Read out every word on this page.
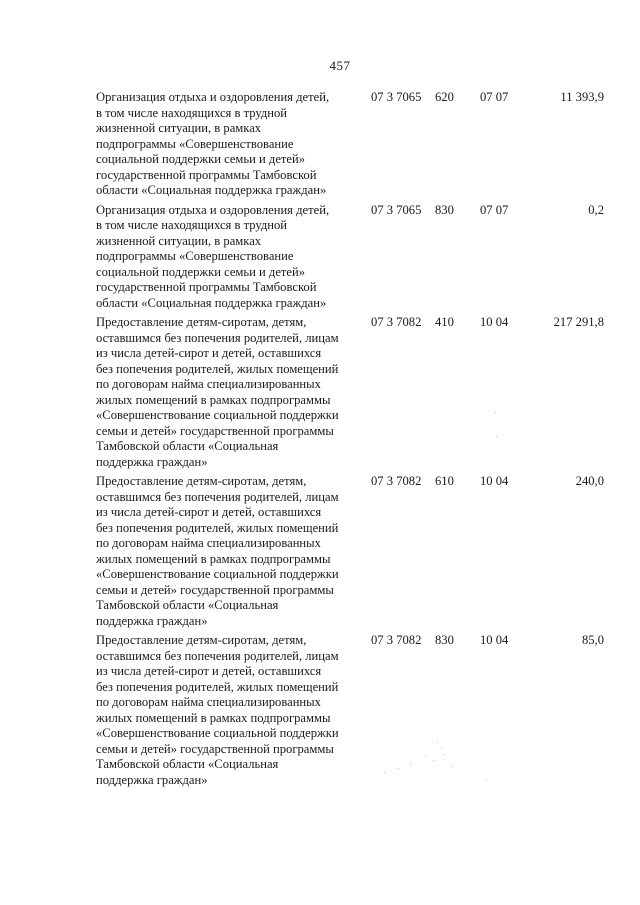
457
Организация отдыха и оздоровления детей,
в том числе находящихся в трудной
жизненной ситуации, в рамках
подпрограммы «Совершенствование
социальной поддержки семьи и детей»
государственной программы Тамбовской
области «Социальная поддержка граждан»
07 3 7065 620 07 07	11 393,9
Организация отдыха и оздоровления детей,
в том числе находящихся в трудной
жизненной ситуации, в рамках
подпрограммы «Совершенствование
социальной поддержки семьи и детей»
государственной программы Тамбовской
области «Социальная поддержка граждан»
07 3 7065 830 07 07	0,2
Предоставление детям-сиротам, детям,
оставшимся без попечения родителей, лицам
из числа детей-сирот и детей, оставшихся
без попечения родителей, жилых помещений
по договорам найма специализированных
жилых помещений в рамках подпрограммы
«Совершенствование социальной поддержки
семьи и детей» государственной программы
Тамбовской области «Социальная
поддержка граждан»
07 3 7082 410 10 04	217 291,8
Предоставление детям-сиротам, детям,
оставшимся без попечения родителей, лицам
из числа детей-сирот и детей, оставшихся
без попечения родителей, жилых помещений
по договорам найма специализированных
жилых помещений в рамках подпрограммы
«Совершенствование социальной поддержки
семьи и детей» государственной программы
Тамбовской области «Социальная
поддержка граждан»
07 3 7082 610 10 04	240,0
Предоставление детям-сиротам, детям,
оставшимся без попечения родителей, лицам
из числа детей-сирот и детей, оставшихся
без попечения родителей, жилых помещений
по договорам найма специализированных
жилых помещений в рамках подпрограммы
«Совершенствование социальной поддержки
семьи и детей» государственной программы
Тамбовской области «Социальная
поддержка граждан»
07 3 7082 830 10 04	85,0
